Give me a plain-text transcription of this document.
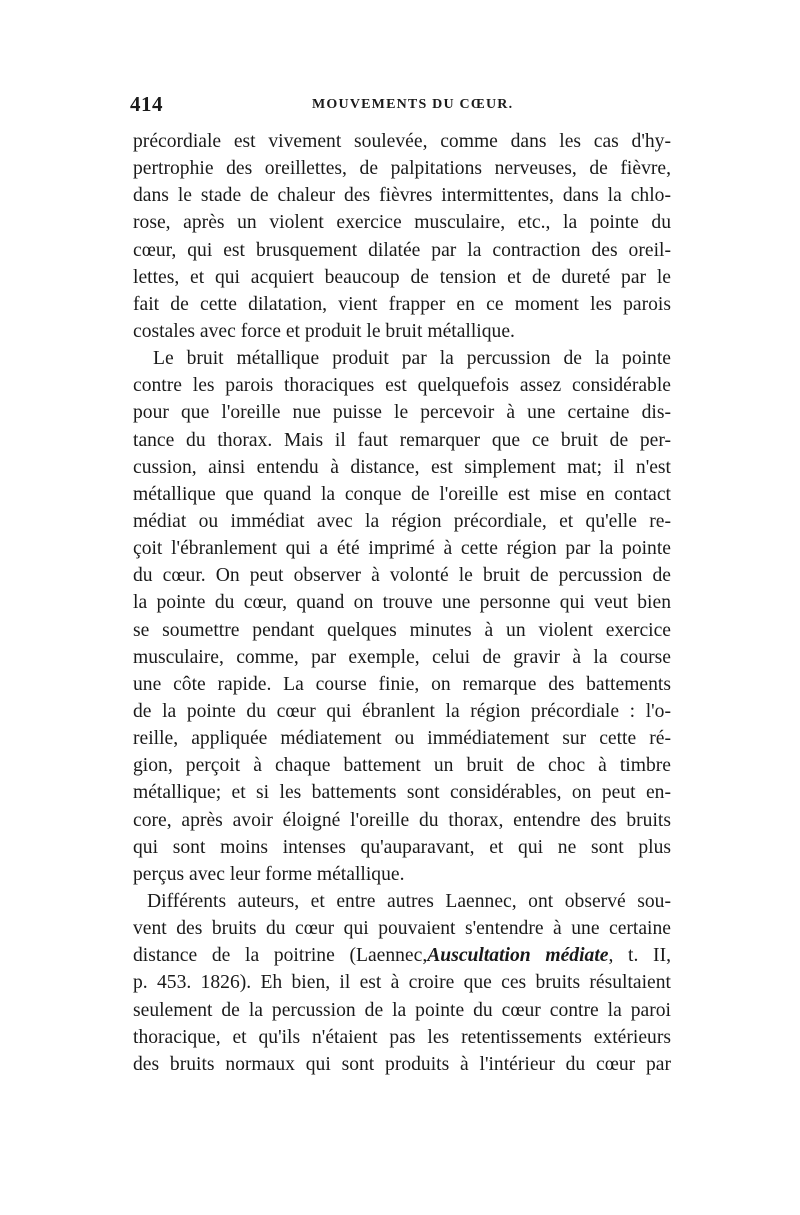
414	MOUVEMENTS DU CŒUR.
précordiale est vivement soulevée, comme dans les cas d'hy-
pertrophie des oreillettes, de palpitations nerveuses, de fièvre,
dans le stade de chaleur des fièvres intermittentes, dans la chlo-
rose, après un violent exercice musculaire, etc., la pointe du
cœur, qui est brusquement dilatée par la contraction des oreil-
lettes, et qui acquiert beaucoup de tension et de dureté par le
fait de cette dilatation, vient frapper en ce moment les parois
costales avec force et produit le bruit métallique.
Le bruit métallique produit par la percussion de la pointe
contre les parois thoraciques est quelquefois assez considérable
pour que l'oreille nue puisse le percevoir à une certaine dis-
tance du thorax. Mais il faut remarquer que ce bruit de per-
cussion, ainsi entendu à distance, est simplement mat; il n'est
métallique que quand la conque de l'oreille est mise en contact
médiat ou immédiat avec la région précordiale, et qu'elle re-
çoit l'ébranlement qui a été imprimé à cette région par la pointe
du cœur. On peut observer à volonté le bruit de percussion de
la pointe du cœur, quand on trouve une personne qui veut bien
se soumettre pendant quelques minutes à un violent exercice
musculaire, comme, par exemple, celui de gravir à la course
une côte rapide. La course finie, on remarque des battements
de la pointe du cœur qui ébranlent la région précordiale : l'o-
reille, appliquée médiatement ou immédiatement sur cette ré-
gion, perçoit à chaque battement un bruit de choc à timbre
métallique; et si les battements sont considérables, on peut en-
core, après avoir éloigné l'oreille du thorax, entendre des bruits
qui sont moins intenses qu'auparavant, et qui ne sont plus
perçus avec leur forme métallique.
Différents auteurs, et entre autres Laennec, ont observé sou-
vent des bruits du cœur qui pouvaient s'entendre à une certaine
distance de la poitrine (Laennec,Auscultation médiate, t. II,
p. 453. 1826). Eh bien, il est à croire que ces bruits résultaient
seulement de la percussion de la pointe du cœur contre la paroi
thoracique, et qu'ils n'étaient pas les retentissements extérieurs
des bruits normaux qui sont produits à l'intérieur du cœur par
